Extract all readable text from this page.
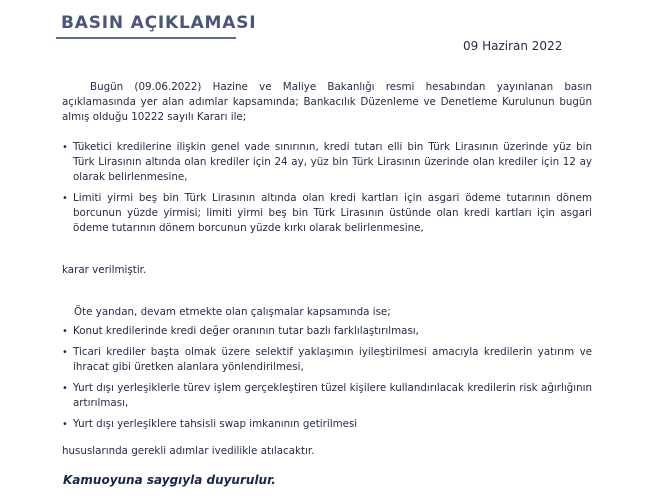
BASIN AÇIKLAMASI
09 Haziran 2022

Bugün (09.06.2022) Hazine ve Maliye Bakanlığı resmi hesabından yayınlanan basın açıklamasında yer alan adımlar kapsamında; Bankacılık Düzenleme ve Denetleme Kurulunun bugün almış olduğu 10222 sayılı Kararı ile;

• Tüketici kredilerine ilişkin genel vade sınırının, kredi tutarı elli bin Türk Lirasının üzerinde yüz bin Türk Lirasının altında olan krediler için 24 ay, yüz bin Türk Lirasının üzerinde olan krediler için 12 ay olarak belirlenmesine,
• Limiti yirmi beş bin Türk Lirasının altında olan kredi kartları için asgari ödeme tutarının dönem borcunun yüzde yirmisi; limiti yirmi beş bin Türk Lirasının üstünde olan kredi kartları için asgari ödeme tutarının dönem borcunun yüzde kırkı olarak belirlenmesine,

karar verilmiştir.

Öte yandan, devam etmekte olan çalışmalar kapsamında ise;

• Konut kredilerinde kredi değer oranının tutar bazlı farklılaştırılması,
• Ticari krediler başta olmak üzere selektif yaklaşımın iyileştirilmesi amacıyla kredilerin yatırım ve ihracat gibi üretken alanlara yönlendirilmesi,
• Yurt dışı yerleşiklerle türev işlem gerçekleştiren tüzel kişilere kullandırılacak kredilerin risk ağırlığının artırılması,
• Yurt dışı yerleşiklere tahsisli swap imkanının getirilmesi

hususlarında gerekli adımlar ivedilikle atılacaktır.

Kamuoyuna saygıyla duyurulur.
